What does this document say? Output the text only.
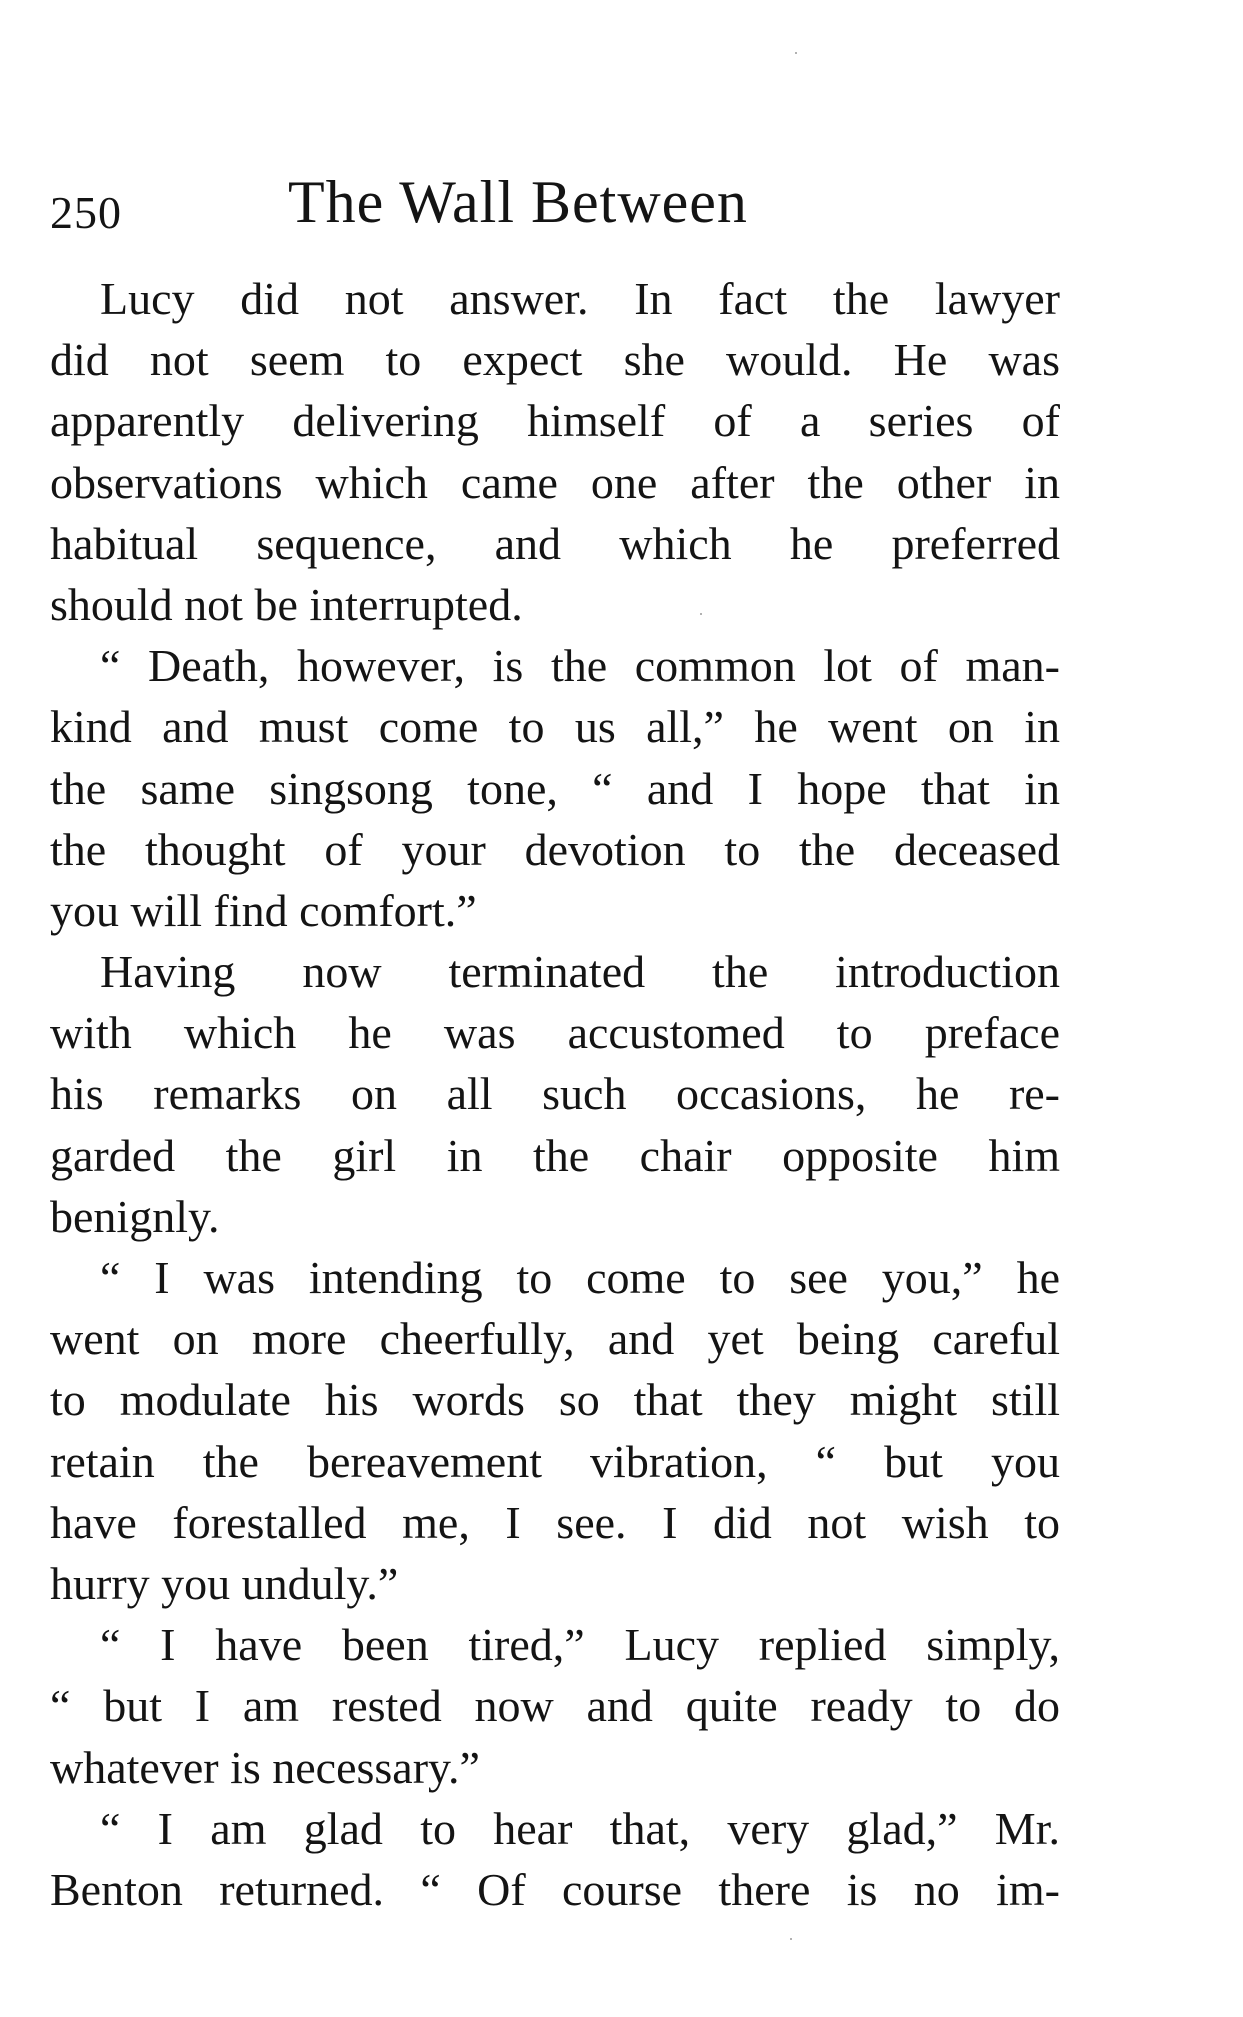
250	The Wall Between
Lucy did not answer. In fact the lawyer
did not seem to expect she would. He was
apparently delivering himself of a series of
observations which came one after the other in
habitual sequence, and which he preferred
should not be interrupted.
“ Death, however, is the common lot of man-
kind and must come to us all,” he went on in
the same singsong tone, “ and I hope that in
the thought of your devotion to the deceased
you will find comfort.”
Having now terminated the introduction
with which he was accustomed to preface
his remarks on all such occasions, he re-
garded the girl in the chair opposite him
benignly.
“ I was intending to come to see you,” he
went on more cheerfully, and yet being careful
to modulate his words so that they might still
retain the bereavement vibration, “ but you
have forestalled me, I see. I did not wish to
hurry you unduly.”
“ I have been tired,” Lucy replied simply,
“ but I am rested now and quite ready to do
whatever is necessary.”
“ I am glad to hear that, very glad,” Mr.
Benton returned. “ Of course there is no im-
